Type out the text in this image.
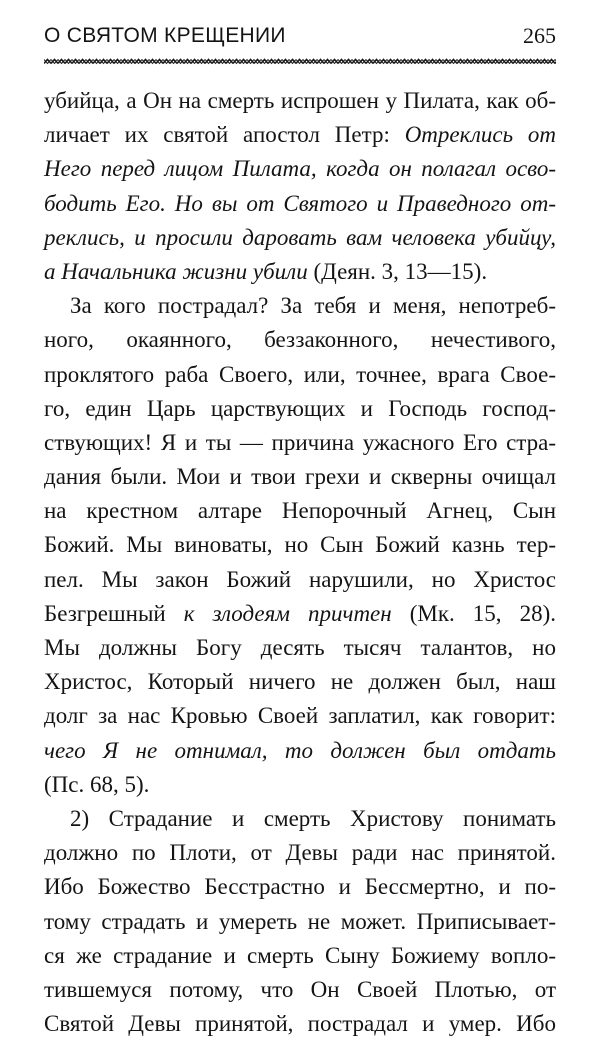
О СВЯТОМ КРЕЩЕНИИ	265
убийца, а Он на смерть испрошен у Пилата, как об-
личает их святой апостол Петр: Отреклись от
Него перед лицом Пилата, когда он полагал осво-
бодить Его. Но вы от Святого и Праведного от-
реклись, и просили даровать вам человека убийцу,
а Начальника жизни убили (Деян. 3, 13—15).
За кого пострадал? За тебя и меня, непотреб-
ного, окаянного, беззаконного, нечестивого,
проклятого раба Своего, или, точнее, врага Свое-
го, един Царь царствующих и Господь господ-
ствующих! Я и ты — причина ужасного Его стра-
дания были. Мои и твои грехи и скверны очищал
на крестном алтаре Непорочный Агнец, Сын
Божий. Мы виноваты, но Сын Божий казнь тер-
пел. Мы закон Божий нарушили, но Христос
Безгрешный к злодеям причтен (Мк. 15, 28).
Мы должны Богу десять тысяч талантов, но
Христос, Который ничего не должен был, наш
долг за нас Кровью Своей заплатил, как говорит:
чего Я не отнимал, то должен был отдать
(Пс. 68, 5).
2) Страдание и смерть Христову понимать
должно по Плоти, от Девы ради нас принятой.
Ибо Божество Бесстрастно и Бессмертно, и по-
тому страдать и умереть не может. Приписывает-
ся же страдание и смерть Сыну Божиему вопло-
тившемуся потому, что Он Своей Плотью, от
Святой Девы принятой, пострадал и умер. Ибо
